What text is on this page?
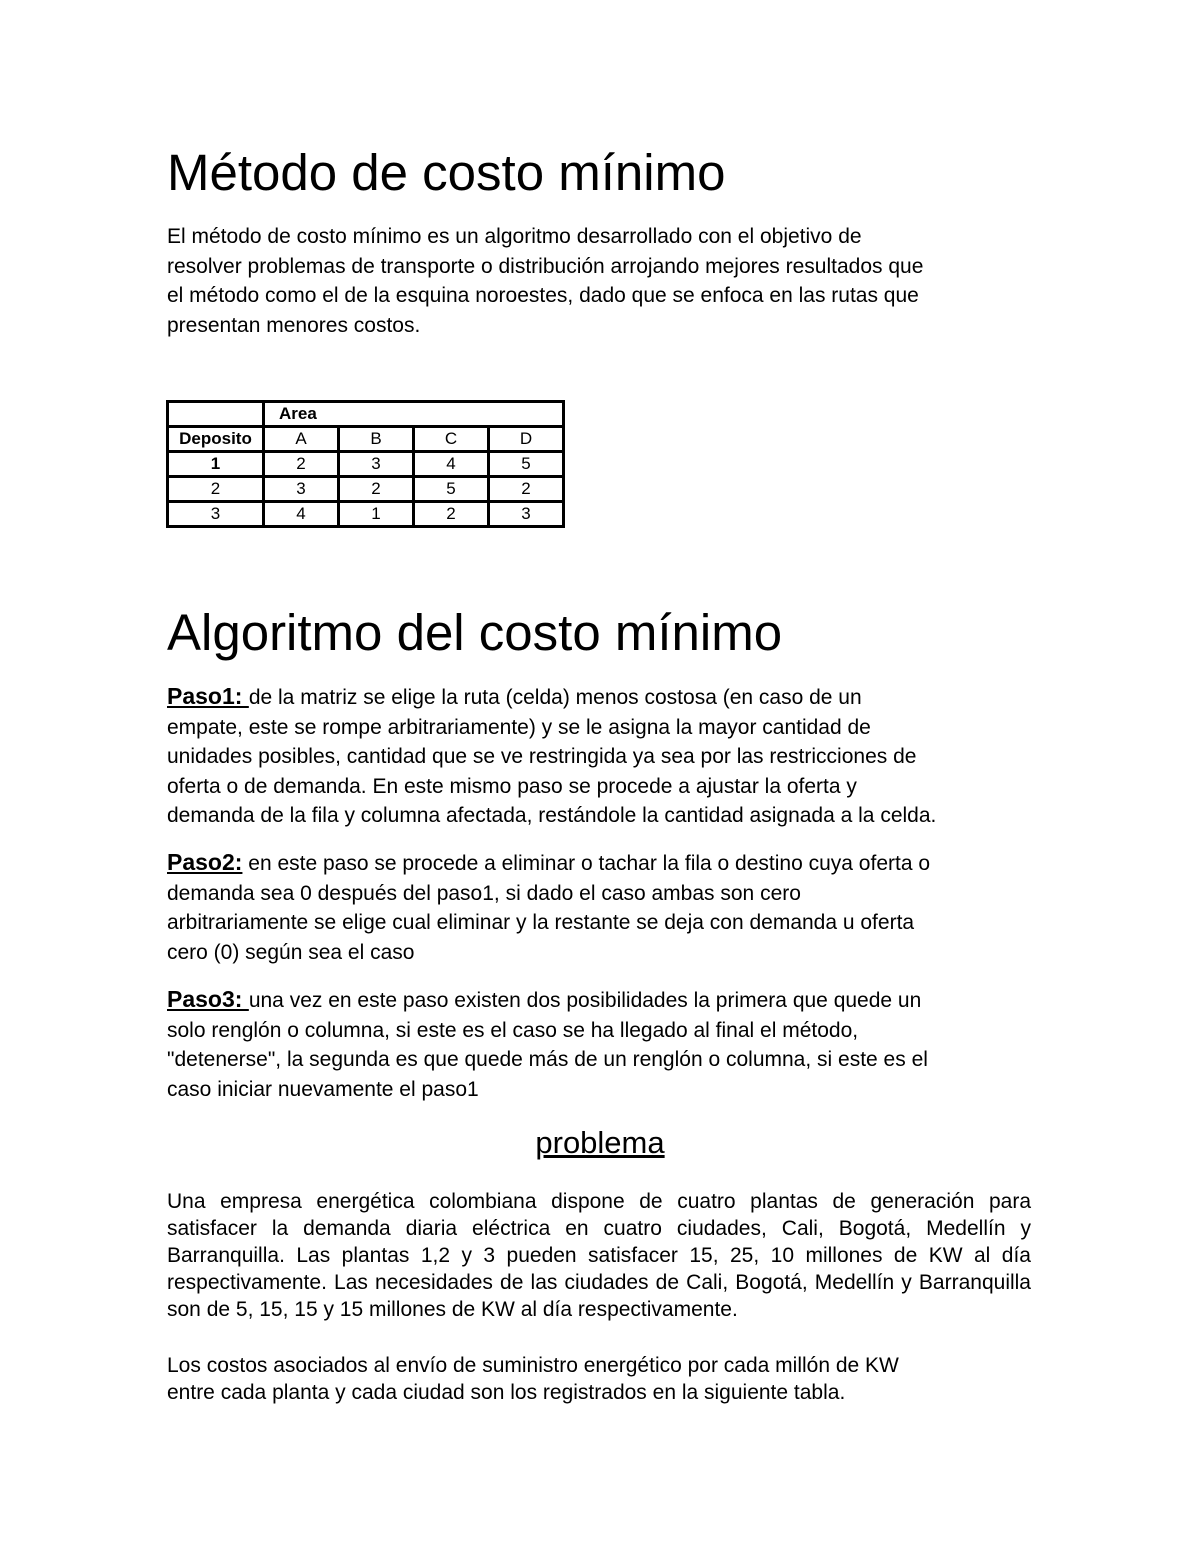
Método de costo mínimo

El método de costo mínimo es un algoritmo desarrollado con el objetivo de
resolver problemas de transporte o distribución arrojando mejores resultados que
el método como el de la esquina noroestes, dado que se enfoca en las rutas que
presentan menores costos.

	Area			
Deposito	A	B	C	D
1	2	3	4	5
2	3	2	5	2
3	4	1	2	3
Algoritmo del costo mínimo

Paso1: de la matriz se elige la ruta (celda) menos costosa (en caso de un
empate, este se rompe arbitrariamente) y se le asigna la mayor cantidad de
unidades posibles, cantidad que se ve restringida ya sea por las restricciones de
oferta o de demanda. En este mismo paso se procede a ajustar la oferta y
demanda de la fila y columna afectada, restándole la cantidad asignada a la celda.

Paso2: en este paso se procede a eliminar o tachar la fila o destino cuya oferta o
demanda sea 0 después del paso1, si dado el caso ambas son cero
arbitrariamente se elige cual eliminar y la restante se deja con demanda u oferta
cero (0) según sea el caso

Paso3: una vez en este paso existen dos posibilidades la primera que quede un
solo renglón o columna, si este es el caso se ha llegado al final el método,
"detenerse", la segunda es que quede más de un renglón o columna, si este es el
caso iniciar nuevamente el paso1

problema

Una empresa energética colombiana dispone de cuatro plantas de generación para satisfacer la demanda diaria eléctrica en cuatro ciudades, Cali, Bogotá, Medellín y Barranquilla. Las plantas 1,2 y 3 pueden satisfacer 15, 25, 10 millones de KW al día respectivamente. Las necesidades de las ciudades de Cali, Bogotá, Medellín y Barranquilla son de 5, 15, 15 y 15 millones de KW al día respectivamente.

Los costos asociados al envío de suministro energético por cada millón de KW
entre cada planta y cada ciudad son los registrados en la siguiente tabla.
